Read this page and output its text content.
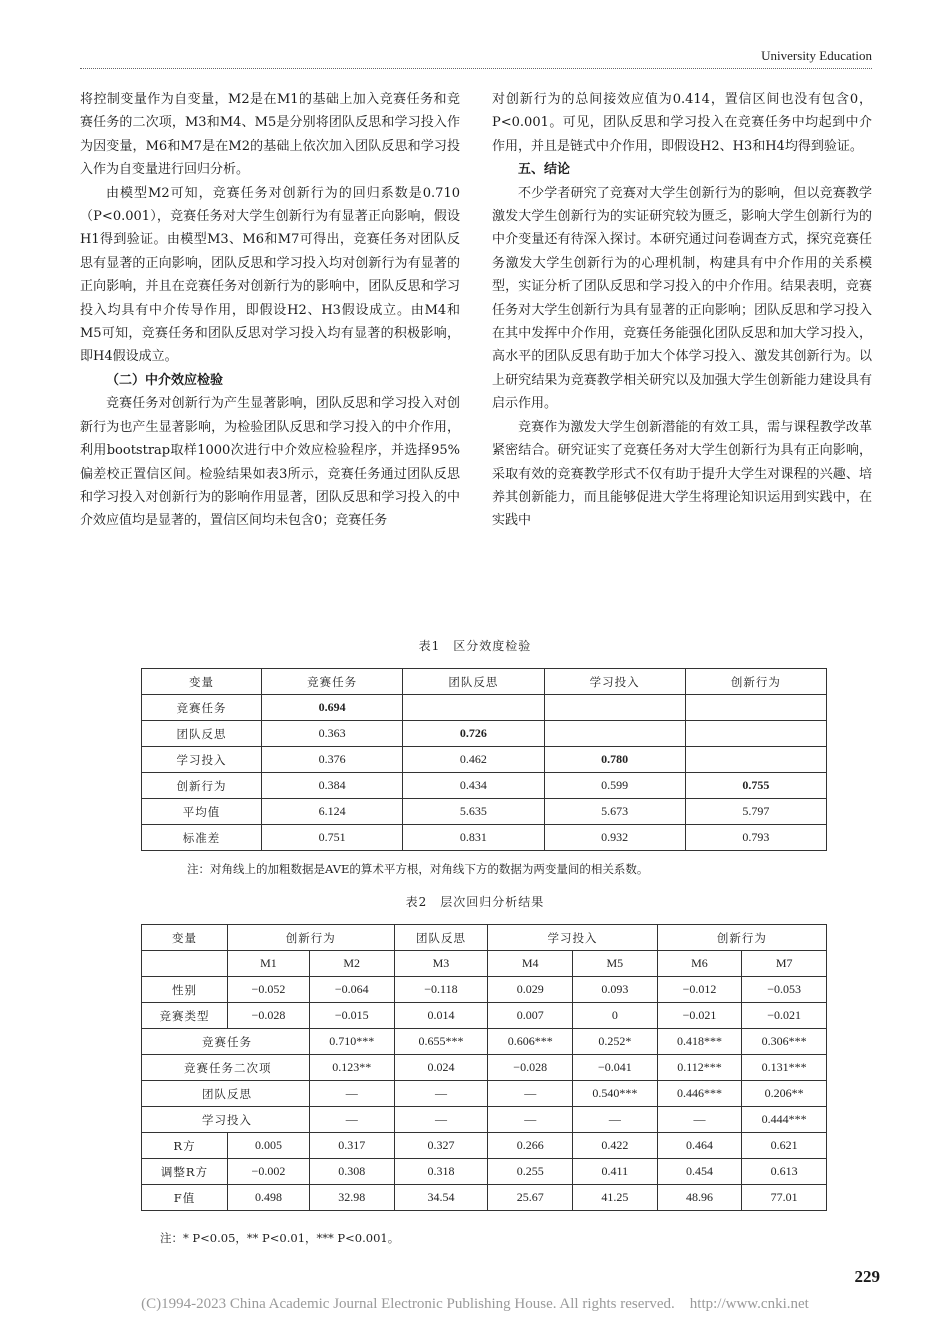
University Education

将控制变量作为自变量，M2是在M1的基础上加入竞赛任务和竞赛任务的二次项，M3和M4、M5是分别将团队反思和学习投入作为因变量，M6和M7是在M2的基础上依次加入团队反思和学习投入作为自变量进行回归分析。

由模型M2可知，竞赛任务对创新行为的回归系数是0.710（P<0.001），竞赛任务对大学生创新行为有显著正向影响，假设H1得到验证。由模型M3、M6和M7可得出，竞赛任务对团队反思有显著的正向影响，团队反思和学习投入均对创新行为有显著的正向影响，并且在竞赛任务对创新行为的影响中，团队反思和学习投入均具有中介传导作用，即假设H2、H3假设成立。由M4和M5可知，竞赛任务和团队反思对学习投入均有显著的积极影响，即H4假设成立。

（二）中介效应检验

竞赛任务对创新行为产生显著影响，团队反思和学习投入对创新行为也产生显著影响，为检验团队反思和学习投入的中介作用，利用bootstrap取样1000次进行中介效应检验程序，并选择95%偏差校正置信区间。检验结果如表3所示，竞赛任务通过团队反思和学习投入对创新行为的影响作用显著，团队反思和学习投入的中介效应值均是显著的，置信区间均未包含0；竞赛任务

对创新行为的总间接效应值为0.414，置信区间也没有包含0，P<0.001。可见，团队反思和学习投入在竞赛任务中均起到中介作用，并且是链式中介作用，即假设H2、H3和H4均得到验证。

五、结论

不少学者研究了竞赛对大学生创新行为的影响，但以竞赛教学激发大学生创新行为的实证研究较为匮乏，影响大学生创新行为的中介变量还有待深入探讨。本研究通过问卷调查方式，探究竞赛任务激发大学生创新行为的心理机制，构建具有中介作用的关系模型，实证分析了团队反思和学习投入的中介作用。结果表明，竞赛任务对大学生创新行为具有显著的正向影响；团队反思和学习投入在其中发挥中介作用，竞赛任务能强化团队反思和加大学习投入，高水平的团队反思有助于加大个体学习投入、激发其创新行为。以上研究结果为竞赛教学相关研究以及加强大学生创新能力建设具有启示作用。

竞赛作为激发大学生创新潜能的有效工具，需与课程教学改革紧密结合。研究证实了竞赛任务对大学生创新行为具有正向影响，采取有效的竞赛教学形式不仅有助于提升大学生对课程的兴趣、培养其创新能力，而且能够促进大学生将理论知识运用到实践中，在实践中

表1　区分效度检验
变量	竞赛任务	团队反思	学习投入	创新行为
竞赛任务	0.694			
团队反思	0.363	0.726		
学习投入	0.376	0.462	0.780	
创新行为	0.384	0.434	0.599	0.755
平均值	6.124	5.635	5.673	5.797
标准差	0.751	0.831	0.932	0.793
注：对角线上的加粗数据是AVE的算术平方根，对角线下方的数据为两变量间的相关系数。
表2　层次回归分析结果
变量	创新行为		团队反思	学习投入		创新行为	
	M1	M2	M3	M4	M5	M6	M7
性别	−0.052	−0.064	−0.118	0.029	0.093	−0.012	−0.053
竞赛类型	−0.028	−0.015	0.014	0.007	0	−0.021	−0.021
竞赛任务		0.710***	0.655***	0.606***	0.252*	0.418***	0.306***
竞赛任务二次项		0.123**	0.024	−0.028	−0.041	0.112***	0.131***
团队反思		—	—	—	0.540***	0.446***	0.206**
学习投入		—	—	—	—	—	0.444***
R方	0.005	0.317	0.327	0.266	0.422	0.464	0.621
调整R方	−0.002	0.308	0.318	0.255	0.411	0.454	0.613
F值	0.498	32.98	34.54	25.67	41.25	48.96	77.01
注：* P<0.05，** P<0.01，*** P<0.001。
229
(C)1994-2023 China Academic Journal Electronic Publishing House. All rights reserved.    http://www.cnki.net
